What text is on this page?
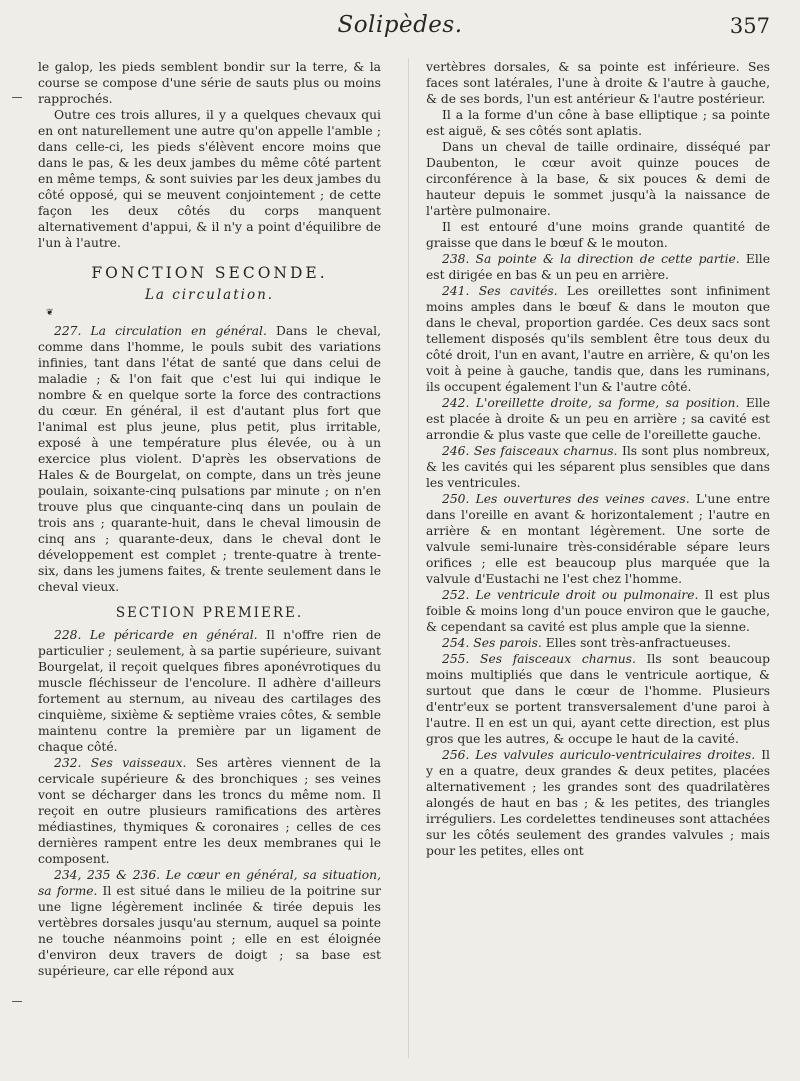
Solipèdes.	357

le galop, les pieds semblent bondir sur la terre, & la course se compose d'une série de sauts plus ou moins rapprochés.

Outre ces trois allures, il y a quelques chevaux qui en ont naturellement une autre qu'on appelle l'amble ; dans celle-ci, les pieds s'élèvent encore moins que dans le pas, & les deux jambes du même côté partent en même temps, & sont suivies par les deux jambes du côté opposé, qui se meuvent conjointement ; de cette façon les deux côtés du corps manquent alternativement d'appui, & il n'y a point d'équilibre de l'un à l'autre.

FONCTION SECONDE.
La circulation.
❦

227. La circulation en général. Dans le cheval, comme dans l'homme, le pouls subit des variations infinies, tant dans l'état de santé que dans celui de maladie ; & l'on fait que c'est lui qui indique le nombre & en quelque sorte la force des contractions du cœur. En général, il est d'autant plus fort que l'animal est plus jeune, plus petit, plus irritable, exposé à une température plus élevée, ou à un exercice plus violent. D'après les observations de Hales & de Bourgelat, on compte, dans un très jeune poulain, soixante-cinq pulsations par minute ; on n'en trouve plus que cinquante-cinq dans un poulain de trois ans ; quarante-huit, dans le cheval limousin de cinq ans ; quarante-deux, dans le cheval dont le développement est complet ; trente-quatre à trente-six, dans les jumens faites, & trente seulement dans le cheval vieux.

SECTION PREMIERE.

228. Le péricarde en général. Il n'offre rien de particulier ; seulement, à sa partie supérieure, suivant Bourgelat, il reçoit quelques fibres aponévrotiques du muscle fléchisseur de l'encolure. Il adhère d'ailleurs fortement au sternum, au niveau des cartilages des cinquième, sixième & septième vraies côtes, & semble maintenu contre la première par un ligament de chaque côté.

232. Ses vaisseaux. Ses artères viennent de la cervicale supérieure & des bronchiques ; ses veines vont se décharger dans les troncs du même nom. Il reçoit en outre plusieurs ramifications des artères médiastines, thymiques & coronaires ; celles de ces dernières rampent entre les deux membranes qui le composent.

234, 235 & 236. Le cœur en général, sa situation, sa forme. Il est situé dans le milieu de la poitrine sur une ligne légèrement inclinée & tirée depuis les vertèbres dorsales jusqu'au sternum, auquel sa pointe ne touche néanmoins point ; elle en est éloignée d'environ deux travers de doigt ; sa base est supérieure, car elle répond aux

vertèbres dorsales, & sa pointe est inférieure. Ses faces sont latérales, l'une à droite & l'autre à gauche, & de ses bords, l'un est antérieur & l'autre postérieur.

Il a la forme d'un cône à base elliptique ; sa pointe est aiguë, & ses côtés sont aplatis.

Dans un cheval de taille ordinaire, disséqué par Daubenton, le cœur avoit quinze pouces de circonférence à la base, & six pouces & demi de hauteur depuis le sommet jusqu'à la naissance de l'artère pulmonaire.

Il est entouré d'une moins grande quantité de graisse que dans le bœuf & le mouton.

238. Sa pointe & la direction de cette partie. Elle est dirigée en bas & un peu en arrière.

241. Ses cavités. Les oreillettes sont infiniment moins amples dans le bœuf & dans le mouton que dans le cheval, proportion gardée. Ces deux sacs sont tellement disposés qu'ils semblent être tous deux du côté droit, l'un en avant, l'autre en arrière, & qu'on les voit à peine à gauche, tandis que, dans les ruminans, ils occupent également l'un & l'autre côté.

242. L'oreillette droite, sa forme, sa position. Elle est placée à droite & un peu en arrière ; sa cavité est arrondie & plus vaste que celle de l'oreillette gauche.

246. Ses faisceaux charnus. Ils sont plus nombreux, & les cavités qui les séparent plus sensibles que dans les ventricules.

250. Les ouvertures des veines caves. L'une entre dans l'oreille en avant & horizontalement ; l'autre en arrière & en montant légèrement. Une sorte de valvule semi-lunaire très-considérable sépare leurs orifices ; elle est beaucoup plus marquée que la valvule d'Eustachi ne l'est chez l'homme.

252. Le ventricule droit ou pulmonaire. Il est plus foible & moins long d'un pouce environ que le gauche, & cependant sa cavité est plus ample que la sienne.

254. Ses parois. Elles sont très-anfractueuses.

255. Ses faisceaux charnus. Ils sont beaucoup moins multipliés que dans le ventricule aortique, & surtout que dans le cœur de l'homme. Plusieurs d'entr'eux se portent transversalement d'une paroi à l'autre. Il en est un qui, ayant cette direction, est plus gros que les autres, & occupe le haut de la cavité.

256. Les valvules auriculo-ventriculaires droites. Il y en a quatre, deux grandes & deux petites, placées alternativement ; les grandes sont des quadrilatères alongés de haut en bas ; & les petites, des triangles irréguliers. Les cordelettes tendineuses sont attachées sur les côtés seulement des grandes valvules ; mais pour les petites, elles ont
